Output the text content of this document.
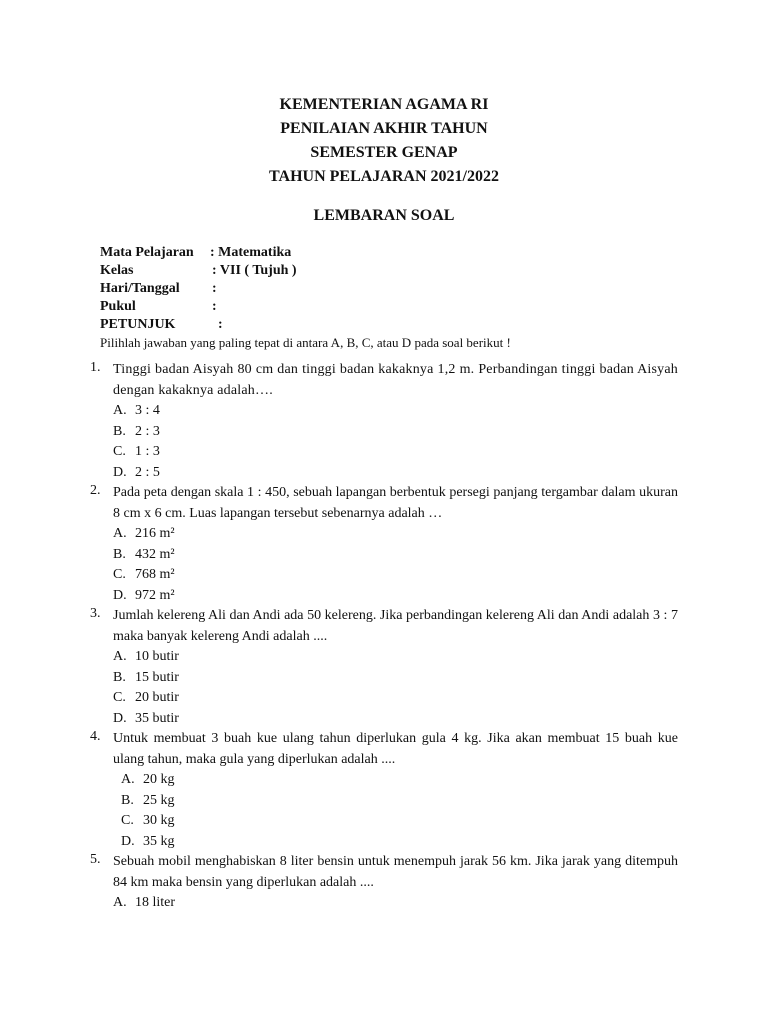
KEMENTERIAN AGAMA RI
PENILAIAN AKHIR TAHUN
SEMESTER GENAP
TAHUN PELAJARAN 2021/2022
LEMBARAN SOAL
Mata Pelajaran : Matematika
Kelas	: VII ( Tujuh )
Hari/Tanggal :
Pukul	:
PETUNJUK	:
Pilihlah jawaban yang paling tepat di antara A, B, C, atau D pada soal berikut !
1. Tinggi badan Aisyah 80 cm dan tinggi badan kakaknya 1,2 m. Perbandingan tinggi badan Aisyah dengan kakaknya adalah….
A. 3 : 4
B. 2 : 3
C. 1 : 3
D. 2 : 5
2. Pada peta dengan skala 1 : 450, sebuah lapangan berbentuk persegi panjang tergambar dalam ukuran 8 cm x 6 cm. Luas lapangan tersebut sebenarnya adalah …
A. 216 m²
B. 432 m²
C. 768 m²
D. 972 m²
3. Jumlah kelereng Ali dan Andi ada 50 kelereng. Jika perbandingan kelereng Ali dan Andi adalah 3 : 7 maka banyak kelereng Andi adalah ....
A. 10 butir
B. 15 butir
C. 20 butir
D. 35 butir
4. Untuk membuat 3 buah kue ulang tahun diperlukan gula 4 kg. Jika akan membuat 15 buah kue ulang tahun, maka gula yang diperlukan adalah ....
A. 20 kg
B. 25 kg
C. 30 kg
D. 35 kg
5. Sebuah mobil menghabiskan 8 liter bensin untuk menempuh jarak 56 km. Jika jarak yang ditempuh 84 km maka bensin yang diperlukan adalah ....
A. 18 liter
